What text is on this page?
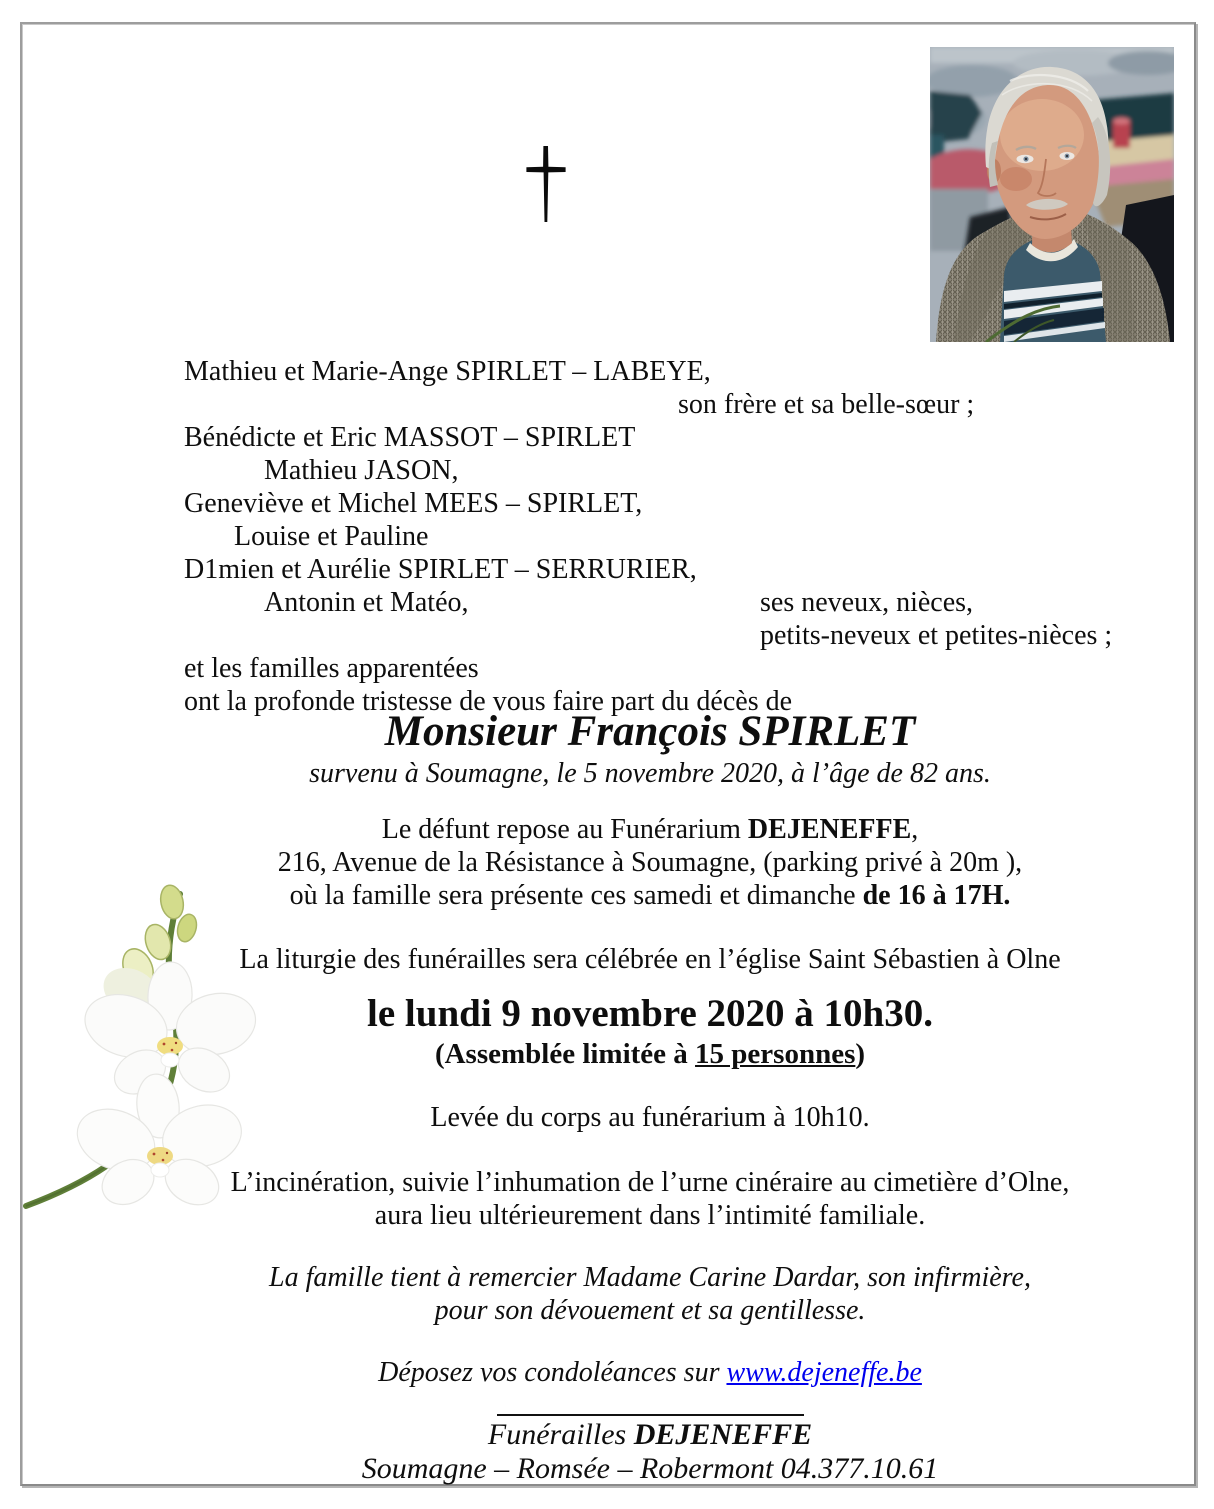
Mathieu et Marie-Ange SPIRLET – LABEYE,
son frère et sa belle-sœur ;
Bénédicte et Eric MASSOT – SPIRLET
Mathieu JASON,
Geneviève et Michel MEES – SPIRLET,
Louise et Pauline
D1mien et Aurélie SPIRLET – SERRURIER,
Antonin et Matéo,	ses neveux, nièces,
petits-neveux et petites-nièces ;
et les familles apparentées
ont la profonde tristesse de vous faire part du décès de
Monsieur François SPIRLET
survenu à Soumagne, le 5 novembre 2020, à l’âge de 82 ans.
Le défunt repose au Funérarium DEJENEFFE,
216, Avenue de la Résistance à Soumagne, (parking privé à 20m ),
où la famille sera présente ces samedi et dimanche de 16 à 17H.
La liturgie des funérailles sera célébrée en l’église Saint Sébastien à Olne
le lundi 9 novembre 2020 à 10h30.
(Assemblée limitée à 15 personnes)
Levée du corps au funérarium à 10h10.
L’incinération, suivie l’inhumation de l’urne cinéraire au cimetière d’Olne,
aura lieu ultérieurement dans l’intimité familiale.
La famille tient à remercier Madame Carine Dardar, son infirmière,
pour son dévouement et sa gentillesse.
Déposez vos condoléances sur www.dejeneffe.be
Funérailles DEJENEFFE
Soumagne – Romsée – Robermont 04.377.10.61
